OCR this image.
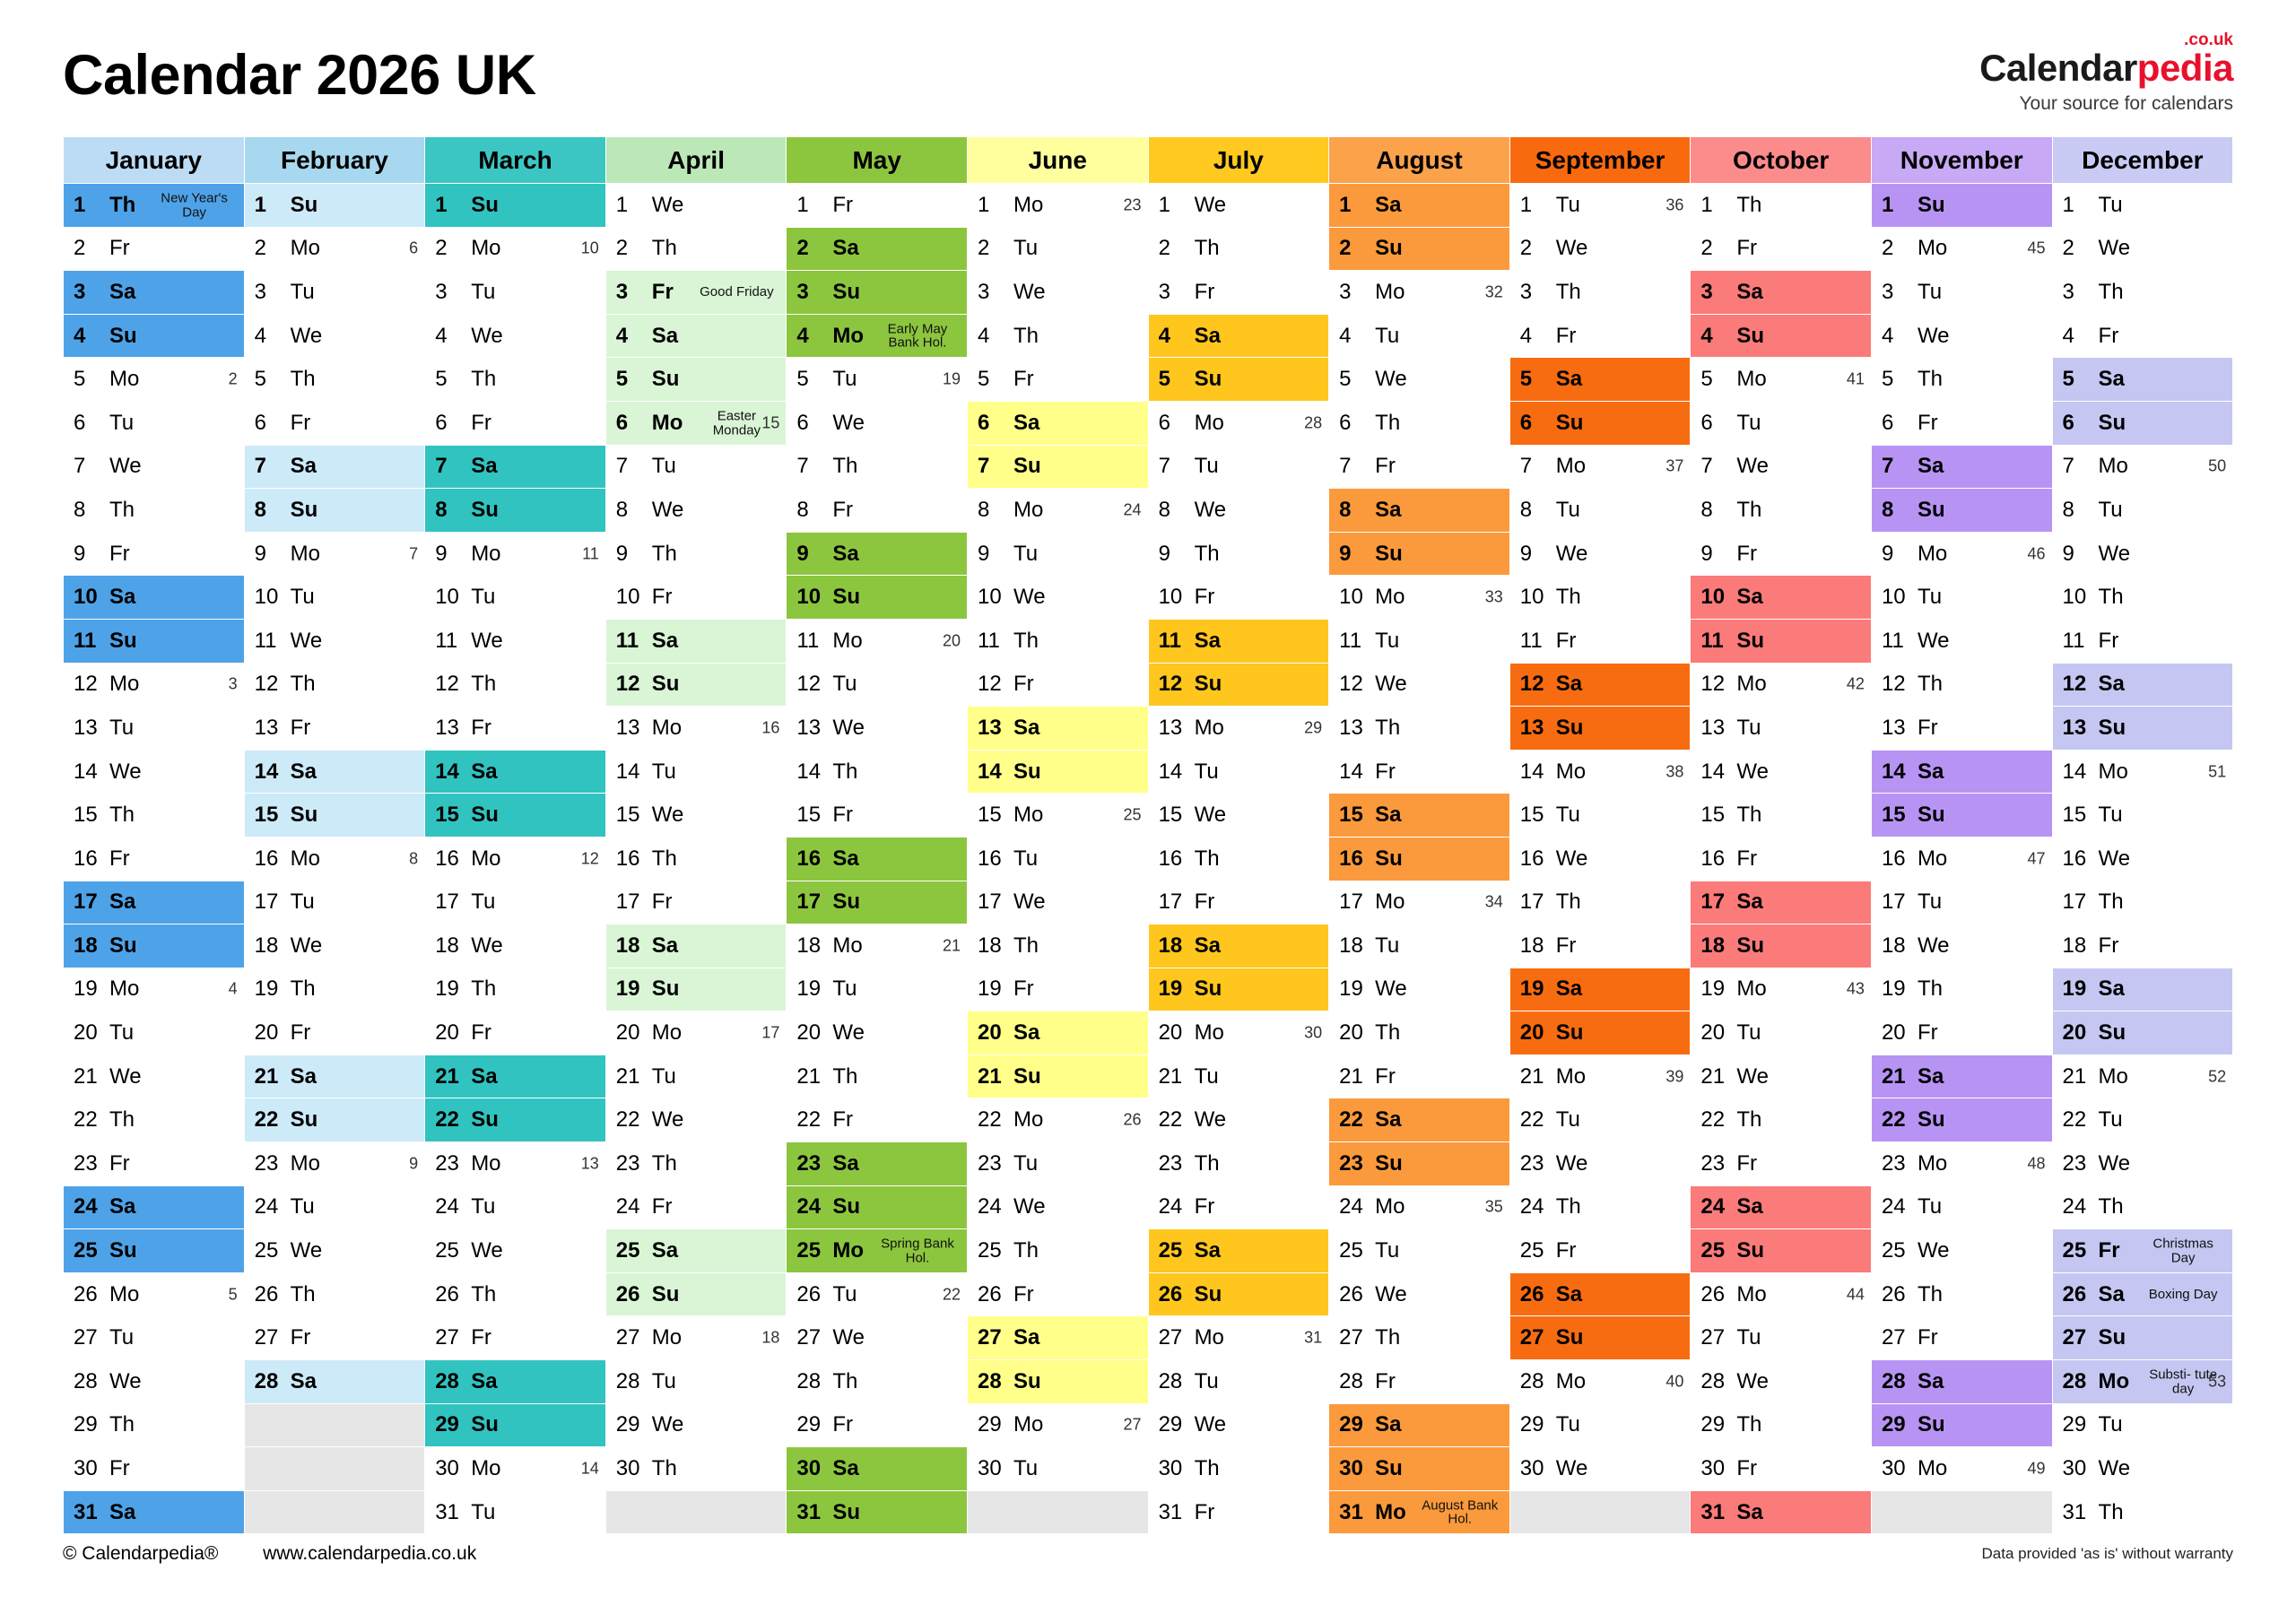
Calendar 2026 UK
.co.uk
Calendarpedia
Your source for calendars
January	February	March	April	May	June	July	August	September	October	November	December

1 Th New Year's Day	1 Su	1 Su	1 We	1 Fr	1 Mo 23	1 We	1 Sa	1 Tu 36	1 Th	1 Su	1 Tu

2 Fr	2 Mo 6	2 Mo 10	2 Th	2 Sa	2 Tu	2 Th	2 Su	2 We	2 Fr	2 Mo 45	2 We

3 Sa	3 Tu	3 Tu	3 Fr Good Friday	3 Su	3 We	3 Fr	3 Mo 32	3 Th	3 Sa	3 Tu	3 Th

4 Su	4 We	4 We	4 Sa	4 Mo Early May Bank Hol.	4 Th	4 Sa	4 Tu	4 Fr	4 Su	4 We	4 Fr

5 Mo 2	5 Th	5 Th	5 Su	5 Tu 19	5 Fr	5 Su	5 We	5 Sa	5 Mo 41	5 Th	5 Sa

6 Tu	6 Fr	6 Fr	6 Mo Easter Monday 15	6 We	6 Sa	6 Mo 28	6 Th	6 Su	6 Tu	6 Fr	6 Su

7 We	7 Sa	7 Sa	7 Tu	7 Th	7 Su	7 Tu	7 Fr	7 Mo 37	7 We	7 Sa	7 Mo 50

8 Th	8 Su	8 Su	8 We	8 Fr	8 Mo 24	8 We	8 Sa	8 Tu	8 Th	8 Su	8 Tu

9 Fr	9 Mo 7	9 Mo 11	9 Th	9 Sa	9 Tu	9 Th	9 Su	9 We	9 Fr	9 Mo 46	9 We

10 Sa	10 Tu	10 Tu	10 Fr	10 Su	10 We	10 Fr	10 Mo 33	10 Th	10 Sa	10 Tu	10 Th

11 Su	11 We	11 We	11 Sa	11 Mo 20	11 Th	11 Sa	11 Tu	11 Fr	11 Su	11 We	11 Fr

12 Mo 3	12 Th	12 Th	12 Su	12 Tu	12 Fr	12 Su	12 We	12 Sa	12 Mo 42	12 Th	12 Sa

13 Tu	13 Fr	13 Fr	13 Mo 16	13 We	13 Sa	13 Mo 29	13 Th	13 Su	13 Tu	13 Fr	13 Su

14 We	14 Sa	14 Sa	14 Tu	14 Th	14 Su	14 Tu	14 Fr	14 Mo 38	14 We	14 Sa	14 Mo 51

15 Th	15 Su	15 Su	15 We	15 Fr	15 Mo 25	15 We	15 Sa	15 Tu	15 Th	15 Su	15 Tu

16 Fr	16 Mo 8	16 Mo 12	16 Th	16 Sa	16 Tu	16 Th	16 Su	16 We	16 Fr	16 Mo 47	16 We

17 Sa	17 Tu	17 Tu	17 Fr	17 Su	17 We	17 Fr	17 Mo 34	17 Th	17 Sa	17 Tu	17 Th

18 Su	18 We	18 We	18 Sa	18 Mo 21	18 Th	18 Sa	18 Tu	18 Fr	18 Su	18 We	18 Fr

19 Mo 4	19 Th	19 Th	19 Su	19 Tu	19 Fr	19 Su	19 We	19 Sa	19 Mo 43	19 Th	19 Sa

20 Tu	20 Fr	20 Fr	20 Mo 17	20 We	20 Sa	20 Mo 30	20 Th	20 Su	20 Tu	20 Fr	20 Su

21 We	21 Sa	21 Sa	21 Tu	21 Th	21 Su	21 Tu	21 Fr	21 Mo 39	21 We	21 Sa	21 Mo 52

22 Th	22 Su	22 Su	22 We	22 Fr	22 Mo 26	22 We	22 Sa	22 Tu	22 Th	22 Su	22 Tu

23 Fr	23 Mo 9	23 Mo 13	23 Th	23 Sa	23 Tu	23 Th	23 Su	23 We	23 Fr	23 Mo 48	23 We

24 Sa	24 Tu	24 Tu	24 Fr	24 Su	24 We	24 Fr	24 Mo 35	24 Th	24 Sa	24 Tu	24 Th

25 Su	25 We	25 We	25 Sa	25 Mo Spring Bank Hol.	25 Th	25 Sa	25 Tu	25 Fr	25 Su	25 We	25 Fr Christmas Day

26 Mo 5	26 Th	26 Th	26 Su	26 Tu 22	26 Fr	26 Su	26 We	26 Sa	26 Mo 44	26 Th	26 Sa Boxing Day

27 Tu	27 Fr	27 Fr	27 Mo 18	27 We	27 Sa	27 Mo 31	27 Th	27 Su	27 Tu	27 Fr	27 Su

28 We	28 Sa	28 Sa	28 Tu	28 Th	28 Su	28 Tu	28 Fr	28 Mo 40	28 We	28 Sa	28 Mo Substi- tute day 53

29 Th		29 Su	29 We	29 Fr	29 Mo 27	29 We	29 Sa	29 Tu	29 Th	29 Su	29 Tu

30 Fr		30 Mo 14	30 Th	30 Sa	30 Tu	30 Th	30 Su	30 We	30 Fr	30 Mo 49	30 We

31 Sa		31 Tu		31 Su		31 Fr	31 Mo August Bank Hol.		31 Sa		31 Th
© Calendarpedia® www.calendarpedia.co.uk	Data provided 'as is' without warranty
